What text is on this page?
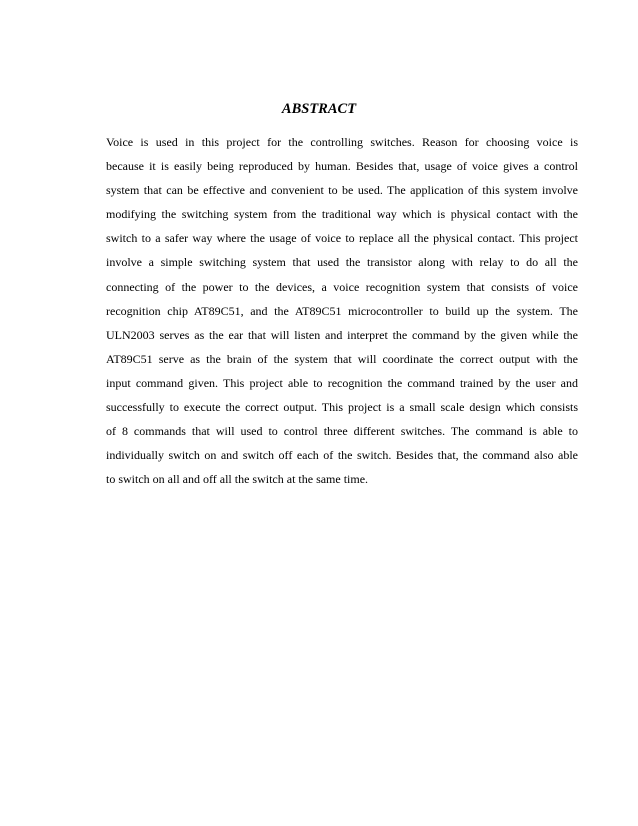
ABSTRACT
Voice is used in this project for the controlling switches. Reason for choosing voice is
because it is easily being reproduced by human. Besides that, usage of voice gives a control
system that can be effective and convenient to be used. The application of this system involve
modifying the switching system from the traditional way which is physical contact with the
switch to a safer way where the usage of voice to replace all the physical contact. This project
involve a simple switching system that used the transistor along with relay to do all the
connecting of the power to the devices, a voice recognition system that consists of voice
recognition chip AT89C51, and the AT89C51 microcontroller to build up the system. The
ULN2003 serves as the ear that will listen and interpret the command by the given while the
AT89C51 serve as the brain of the system that will coordinate the correct output with the
input command given. This project able to recognition the command trained by the user and
successfully to execute the correct output. This project is a small scale design which consists
of 8 commands that will used to control three different switches. The command is able to
individually switch on and switch off each of the switch. Besides that, the command also able
to switch on all and off all the switch at the same time.
